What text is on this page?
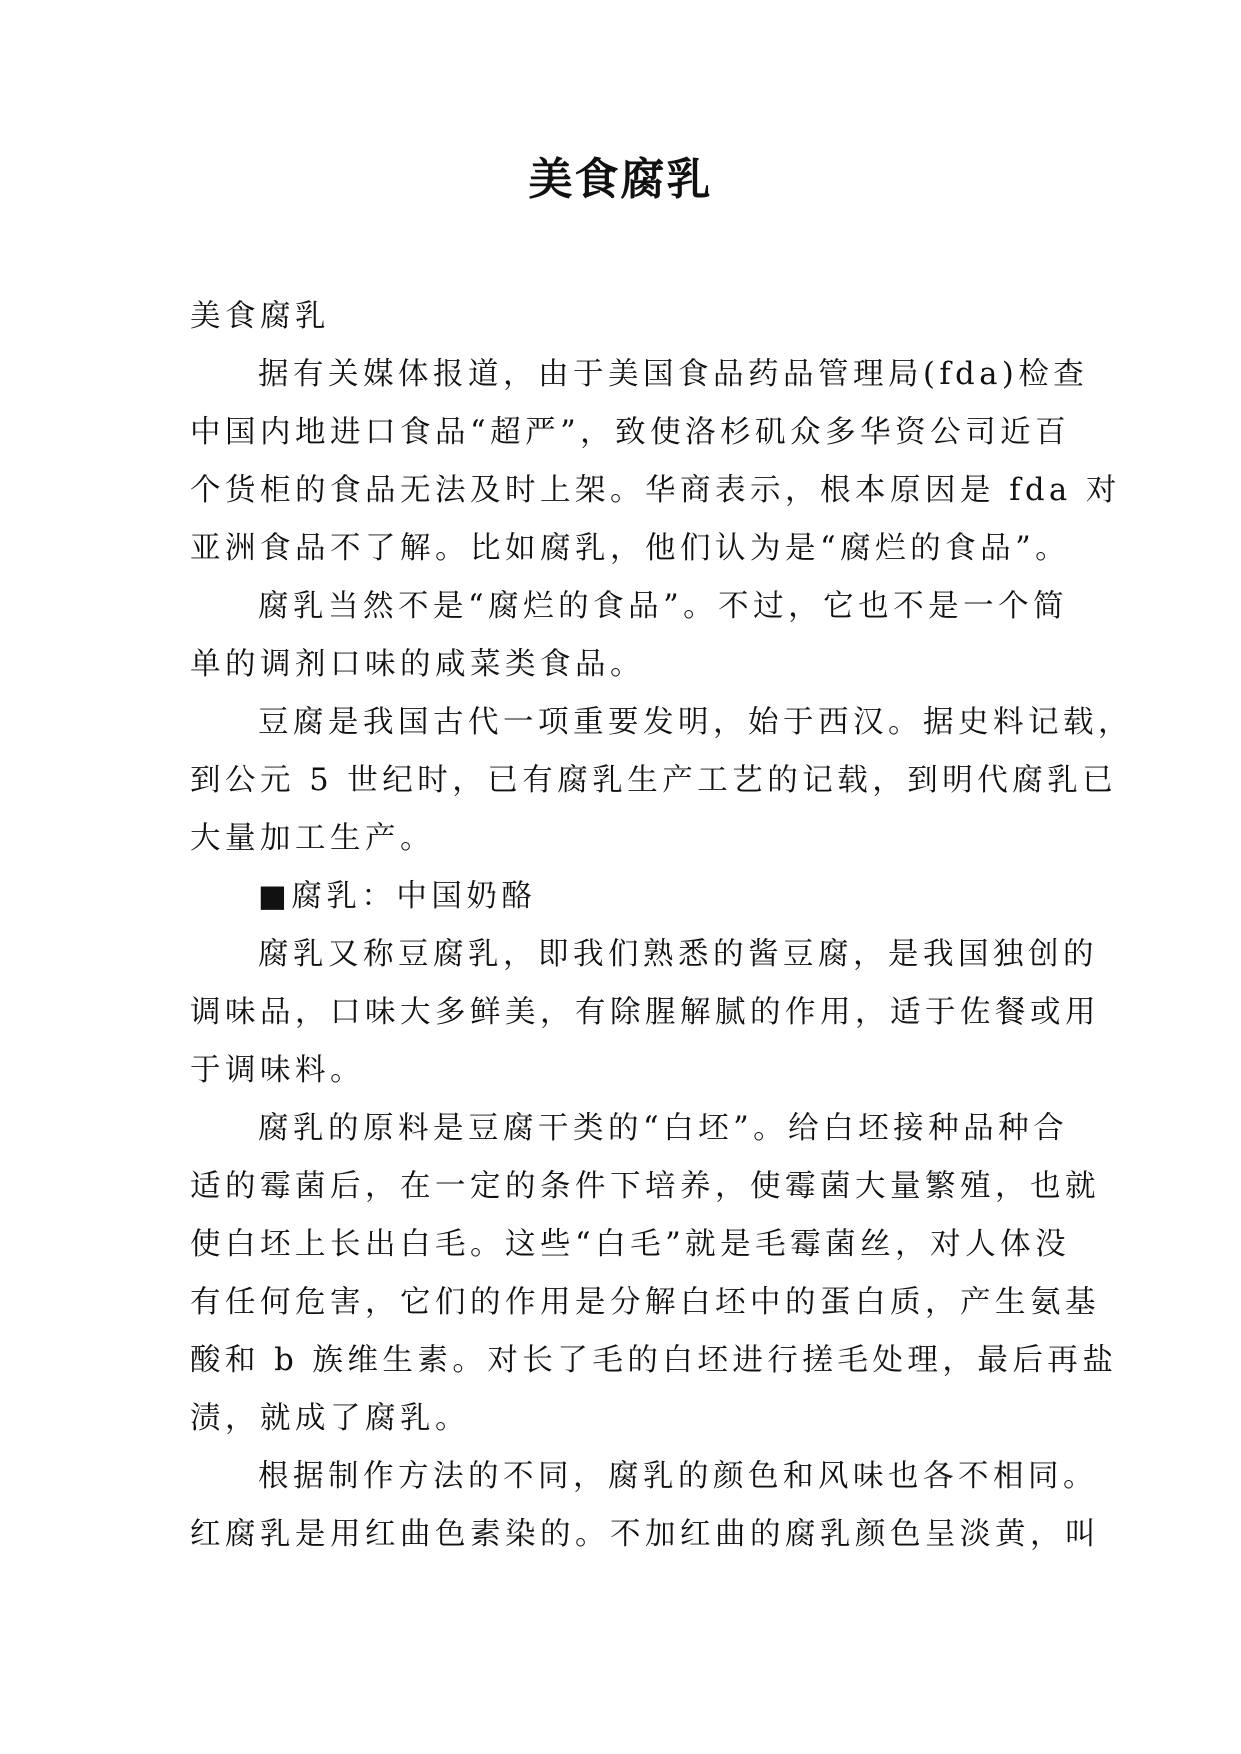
美食腐乳

美食腐乳

据有关媒体报道，由于美国食品药品管理局(fda)检查
中国内地进口食品“超严”，致使洛杉矶众多华资公司近百
个货柜的食品无法及时上架。华商表示，根本原因是 fda 对
亚洲食品不了解。比如腐乳，他们认为是“腐烂的食品”。

腐乳当然不是“腐烂的食品”。不过，它也不是一个简
单的调剂口味的咸菜类食品。

豆腐是我国古代一项重要发明，始于西汉。据史料记载，
到公元 5 世纪时，已有腐乳生产工艺的记载，到明代腐乳已
大量加工生产。

■腐乳：中国奶酪

腐乳又称豆腐乳，即我们熟悉的酱豆腐，是我国独创的
调味品，口味大多鲜美，有除腥解腻的作用，适于佐餐或用
于调味料。

腐乳的原料是豆腐干类的“白坯”。给白坯接种品种合
适的霉菌后，在一定的条件下培养，使霉菌大量繁殖，也就
使白坯上长出白毛。这些“白毛”就是毛霉菌丝，对人体没
有任何危害，它们的作用是分解白坯中的蛋白质，产生氨基
酸和 b 族维生素。对长了毛的白坯进行搓毛处理，最后再盐
渍，就成了腐乳。

根据制作方法的不同，腐乳的颜色和风味也各不相同。
红腐乳是用红曲色素染的。不加红曲的腐乳颜色呈淡黄，叫
